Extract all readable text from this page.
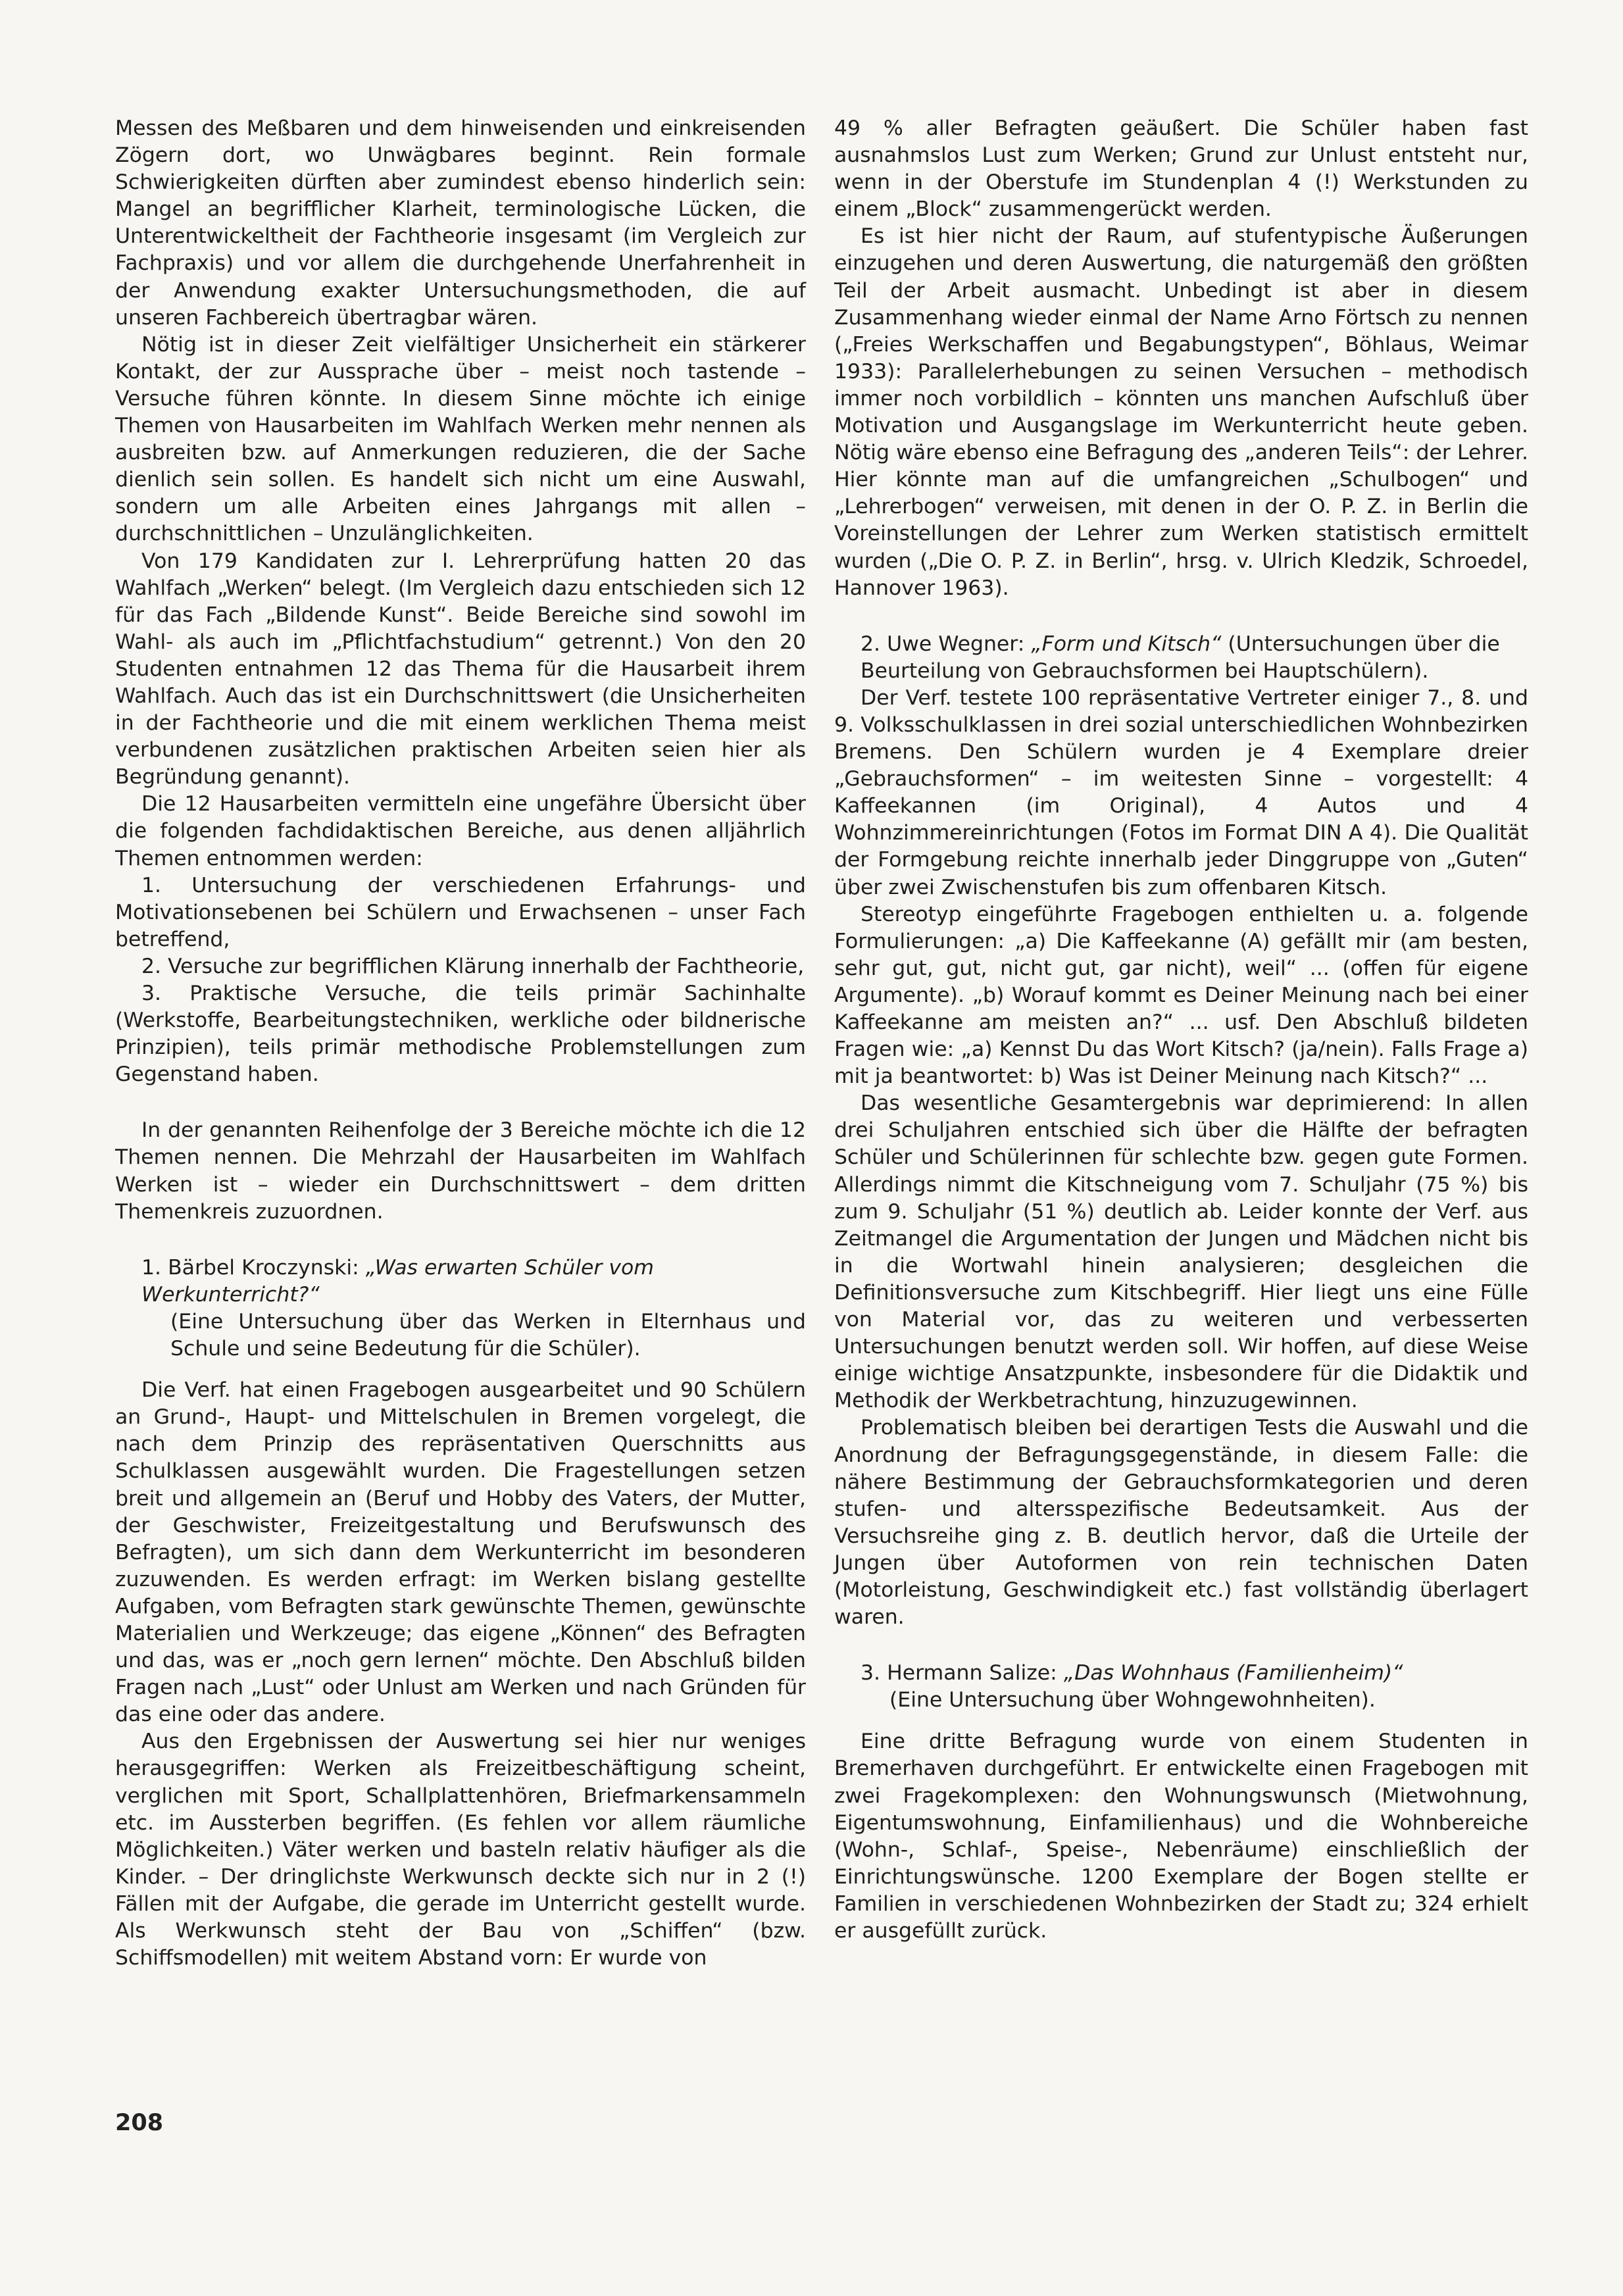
Messen des Meßbaren und dem hinweisenden und einkreisenden Zögern dort, wo Unwägbares beginnt. Rein formale Schwierigkeiten dürften aber zumindest ebenso hinderlich sein: Mangel an begrifflicher Klarheit, terminologische Lücken, die Unterentwickeltheit der Fachtheorie insgesamt (im Vergleich zur Fachpraxis) und vor allem die durchgehende Unerfahrenheit in der Anwendung exakter Untersuchungsmethoden, die auf unseren Fachbereich übertragbar wären.

Nötig ist in dieser Zeit vielfältiger Unsicherheit ein stärkerer Kontakt, der zur Aussprache über – meist noch tastende – Versuche führen könnte. In diesem Sinne möchte ich einige Themen von Hausarbeiten im Wahlfach Werken mehr nennen als ausbreiten bzw. auf Anmerkungen reduzieren, die der Sache dienlich sein sollen. Es handelt sich nicht um eine Auswahl, sondern um alle Arbeiten eines Jahrgangs mit allen – durchschnittlichen – Unzulänglichkeiten.

Von 179 Kandidaten zur I. Lehrerprüfung hatten 20 das Wahlfach „Werken“ belegt. (Im Vergleich dazu entschieden sich 12 für das Fach „Bildende Kunst“. Beide Bereiche sind sowohl im Wahl- als auch im „Pflichtfachstudium“ getrennt.) Von den 20 Studenten entnahmen 12 das Thema für die Hausarbeit ihrem Wahlfach. Auch das ist ein Durchschnittswert (die Unsicherheiten in der Fachtheorie und die mit einem werklichen Thema meist verbundenen zusätzlichen praktischen Arbeiten seien hier als Begründung genannt).

Die 12 Hausarbeiten vermitteln eine ungefähre Übersicht über die folgenden fachdidaktischen Bereiche, aus denen alljährlich Themen entnommen werden:

1. Untersuchung der verschiedenen Erfahrungs- und Motivationsebenen bei Schülern und Erwachsenen – unser Fach betreffend,

2. Versuche zur begrifflichen Klärung innerhalb der Fachtheorie,

3. Praktische Versuche, die teils primär Sachinhalte (Werkstoffe, Bearbeitungstechniken, werkliche oder bildnerische Prinzipien), teils primär methodische Problemstellungen zum Gegenstand haben.

In der genannten Reihenfolge der 3 Bereiche möchte ich die 12 Themen nennen. Die Mehrzahl der Hausarbeiten im Wahlfach Werken ist – wieder ein Durchschnittswert – dem dritten Themenkreis zuzuordnen.

1. Bärbel Kroczynski: „Was erwarten Schüler vom Werkunterricht?“
(Eine Untersuchung über das Werken in Elternhaus und Schule und seine Bedeutung für die Schüler).

Die Verf. hat einen Fragebogen ausgearbeitet und 90 Schülern an Grund-, Haupt- und Mittelschulen in Bremen vorgelegt, die nach dem Prinzip des repräsentativen Querschnitts aus Schulklassen ausgewählt wurden. Die Fragestellungen setzen breit und allgemein an (Beruf und Hobby des Vaters, der Mutter, der Geschwister, Freizeitgestaltung und Berufswunsch des Befragten), um sich dann dem Werkunterricht im besonderen zuzuwenden. Es werden erfragt: im Werken bislang gestellte Aufgaben, vom Befragten stark gewünschte Themen, gewünschte Materialien und Werkzeuge; das eigene „Können“ des Befragten und das, was er „noch gern lernen“ möchte. Den Abschluß bilden Fragen nach „Lust“ oder Unlust am Werken und nach Gründen für das eine oder das andere.

Aus den Ergebnissen der Auswertung sei hier nur weniges herausgegriffen: Werken als Freizeitbeschäftigung scheint, verglichen mit Sport, Schallplattenhören, Briefmarkensammeln etc. im Aussterben begriffen. (Es fehlen vor allem räumliche Möglichkeiten.) Väter werken und basteln relativ häufiger als die Kinder. – Der dringlichste Werkwunsch deckte sich nur in 2 (!) Fällen mit der Aufgabe, die gerade im Unterricht gestellt wurde. Als Werkwunsch steht der Bau von „Schiffen“ (bzw. Schiffsmodellen) mit weitem Abstand vorn: Er wurde von

49 % aller Befragten geäußert. Die Schüler haben fast ausnahmslos Lust zum Werken; Grund zur Unlust entsteht nur, wenn in der Oberstufe im Stundenplan 4 (!) Werkstunden zu einem „Block“ zusammengerückt werden.

Es ist hier nicht der Raum, auf stufentypische Äußerungen einzugehen und deren Auswertung, die naturgemäß den größten Teil der Arbeit ausmacht. Unbedingt ist aber in diesem Zusammenhang wieder einmal der Name Arno Förtsch zu nennen („Freies Werkschaffen und Begabungstypen“, Böhlaus, Weimar 1933): Parallelerhebungen zu seinen Versuchen – methodisch immer noch vorbildlich – könnten uns manchen Aufschluß über Motivation und Ausgangslage im Werkunterricht heute geben. Nötig wäre ebenso eine Befragung des „anderen Teils“: der Lehrer. Hier könnte man auf die umfangreichen „Schulbogen“ und „Lehrerbogen“ verweisen, mit denen in der O. P. Z. in Berlin die Voreinstellungen der Lehrer zum Werken statistisch ermittelt wurden („Die O. P. Z. in Berlin“, hrsg. v. Ulrich Kledzik, Schroedel, Hannover 1963).

2. Uwe Wegner: „Form und Kitsch“ (Untersuchungen über die Beurteilung von Gebrauchsformen bei Hauptschülern).

Der Verf. testete 100 repräsentative Vertreter einiger 7., 8. und 9. Volksschulklassen in drei sozial unterschiedlichen Wohnbezirken Bremens. Den Schülern wurden je 4 Exemplare dreier „Gebrauchsformen“ – im weitesten Sinne – vorgestellt: 4 Kaffeekannen (im Original), 4 Autos und 4 Wohnzimmereinrichtungen (Fotos im Format DIN A 4). Die Qualität der Formgebung reichte innerhalb jeder Dinggruppe von „Guten“ über zwei Zwischenstufen bis zum offenbaren Kitsch.

Stereotyp eingeführte Fragebogen enthielten u. a. folgende Formulierungen: „a) Die Kaffeekanne (A) gefällt mir (am besten, sehr gut, gut, nicht gut, gar nicht), weil“ ... (offen für eigene Argumente). „b) Worauf kommt es Deiner Meinung nach bei einer Kaffeekanne am meisten an?“ ... usf. Den Abschluß bildeten Fragen wie: „a) Kennst Du das Wort Kitsch? (ja/nein). Falls Frage a) mit ja beantwortet: b) Was ist Deiner Meinung nach Kitsch?“ ...

Das wesentliche Gesamtergebnis war deprimierend: In allen drei Schuljahren entschied sich über die Hälfte der befragten Schüler und Schülerinnen für schlechte bzw. gegen gute Formen. Allerdings nimmt die Kitschneigung vom 7. Schuljahr (75 %) bis zum 9. Schuljahr (51 %) deutlich ab. Leider konnte der Verf. aus Zeitmangel die Argumentation der Jungen und Mädchen nicht bis in die Wortwahl hinein analysieren; desgleichen die Definitionsversuche zum Kitschbegriff. Hier liegt uns eine Fülle von Material vor, das zu weiteren und verbesserten Untersuchungen benutzt werden soll. Wir hoffen, auf diese Weise einige wichtige Ansatzpunkte, insbesondere für die Didaktik und Methodik der Werkbetrachtung, hinzuzugewinnen.

Problematisch bleiben bei derartigen Tests die Auswahl und die Anordnung der Befragungsgegenstände, in diesem Falle: die nähere Bestimmung der Gebrauchsformkategorien und deren stufen- und altersspezifische Bedeutsamkeit. Aus der Versuchsreihe ging z. B. deutlich hervor, daß die Urteile der Jungen über Autoformen von rein technischen Daten (Motorleistung, Geschwindigkeit etc.) fast vollständig überlagert waren.

3. Hermann Salize: „Das Wohnhaus (Familienheim)“
(Eine Untersuchung über Wohngewohnheiten).

Eine dritte Befragung wurde von einem Studenten in Bremerhaven durchgeführt. Er entwickelte einen Fragebogen mit zwei Fragekomplexen: den Wohnungswunsch (Mietwohnung, Eigentumswohnung, Einfamilienhaus) und die Wohnbereiche (Wohn-, Schlaf-, Speise-, Nebenräume) einschließlich der Einrichtungswünsche. 1200 Exemplare der Bogen stellte er Familien in verschiedenen Wohnbezirken der Stadt zu; 324 erhielt er ausgefüllt zurück.

208
